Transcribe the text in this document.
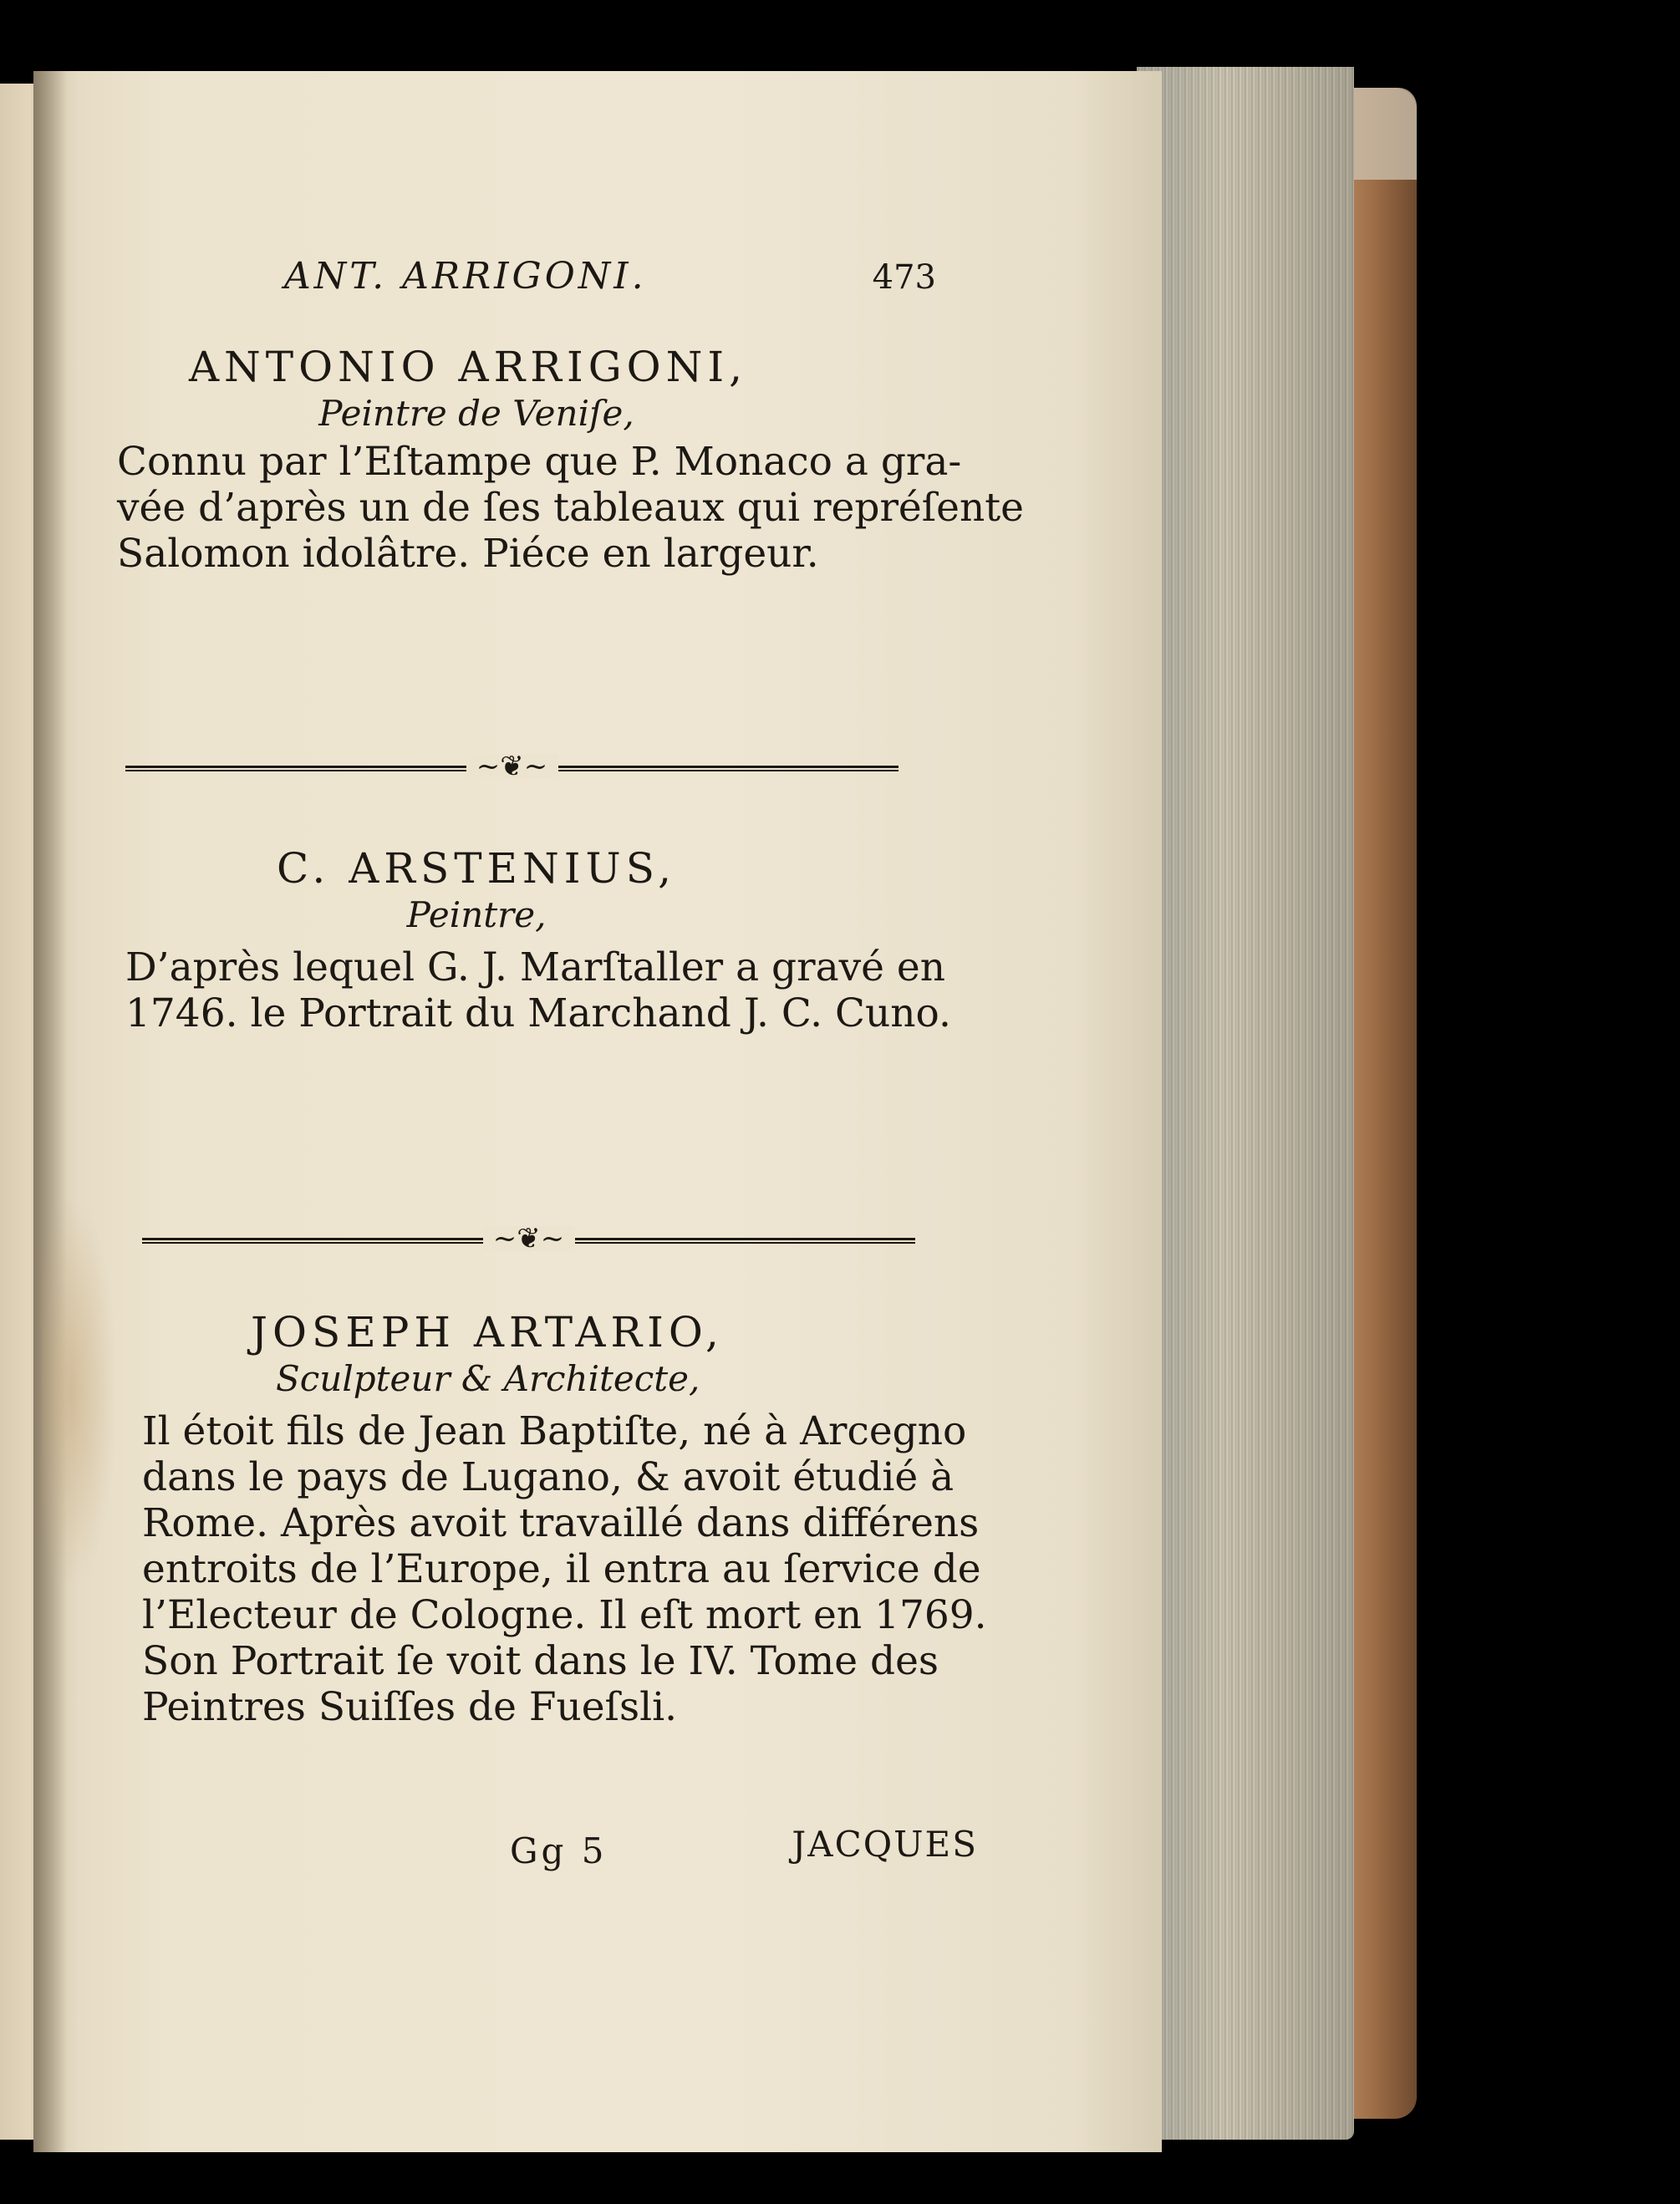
ANT. ARRIGONI.	473
ANTONIO ARRIGONI,
Peintre de Veniſe,
Connu par l’Eſtampe que P. Monaco a gra-
vée d’après un de ſes tableaux qui repréſente
Salomon idolâtre. Piéce en largeur.
~❦~
C. ARSTENIUS,
Peintre,
D’après lequel G. J. Marſtaller a gravé en
1746. le Portrait du Marchand J. C. Cuno.
~❦~
JOSEPH ARTARIO,
Sculpteur & Architecte,
Il étoit fils de Jean Baptiſte, né à Arcegno
dans le pays de Lugano, & avoit étudié à
Rome. Après avoit travaillé dans différens
entroits de l’Europe, il entra au ſervice de
l’Electeur de Cologne. Il eſt mort en 1769.
Son Portrait ſe voit dans le IV. Tome des
Peintres Suiſſes de Fueſsli.
Gg 5	JACQUES
